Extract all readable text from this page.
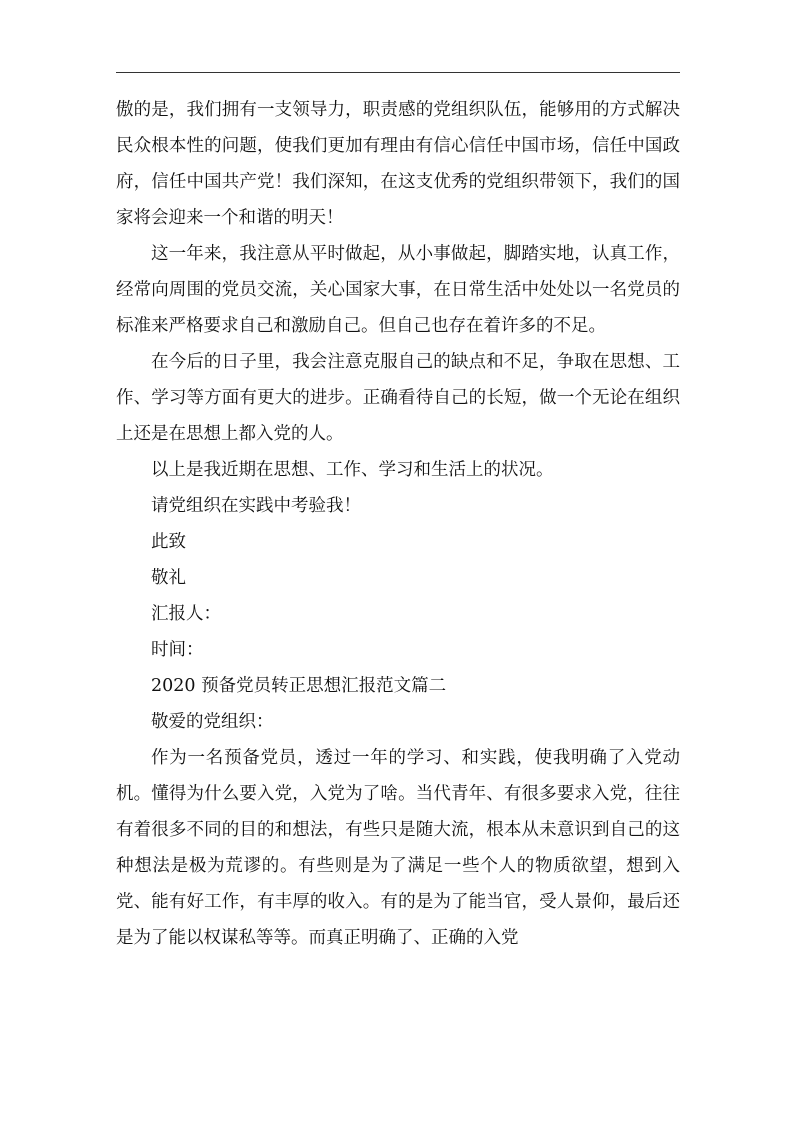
傲的是，我们拥有一支领导力，职责感的党组织队伍，能够用的方式解决民众根本性的问题，使我们更加有理由有信心信任中国市场，信任中国政府，信任中国共产党！我们深知，在这支优秀的党组织带领下，我们的国家将会迎来一个和谐的明天！

这一年来，我注意从平时做起，从小事做起，脚踏实地，认真工作，经常向周围的党员交流，关心国家大事，在日常生活中处处以一名党员的标准来严格要求自己和激励自己。但自己也存在着许多的不足。

在今后的日子里，我会注意克服自己的缺点和不足，争取在思想、工作、学习等方面有更大的进步。正确看待自己的长短，做一个无论在组织上还是在思想上都入党的人。

以上是我近期在思想、工作、学习和生活上的状况。

请党组织在实践中考验我！

此致

敬礼

汇报人：

时间：

2020 预备党员转正思想汇报范文篇二

敬爱的党组织：

作为一名预备党员，透过一年的学习、和实践，使我明确了入党动机。懂得为什么要入党，入党为了啥。当代青年、有很多要求入党，往往有着很多不同的目的和想法，有些只是随大流，根本从未意识到自己的这种想法是极为荒谬的。有些则是为了满足一些个人的物质欲望，想到入党、能有好工作，有丰厚的收入。有的是为了能当官，受人景仰，最后还是为了能以权谋私等等。而真正明确了、正确的入党
